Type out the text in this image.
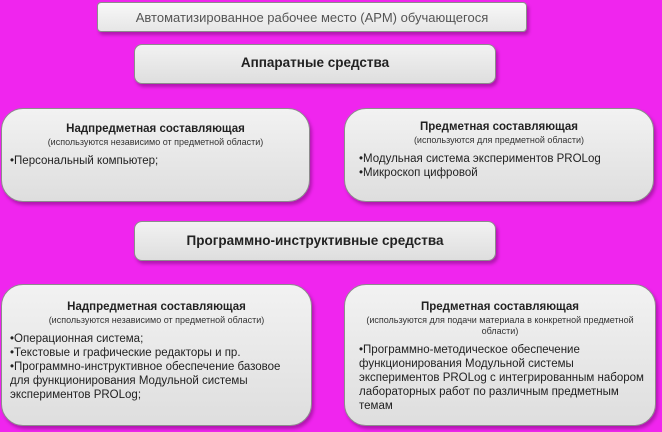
Автоматизированное рабочее место (АРМ) обучающегося
Аппаратные средства
Надпредметная составляющая
(используются независимо от предметной области)
•Персональный компьютер;
Предметная составляющая
(используются для предметной области)
•Модульная система экспериментов PROLog
•Микроскоп цифровой
Программно-инструктивные средства
Надпредметная составляющая
(используются независимо от предметной области)
•Операционная система;
•Текстовые и графические редакторы и пр.
•Программно-инструктивное обеспечение базовое для функционирования Модульной системы экспериментов PROLog;
Предметная составляющая
(используются для подачи материала в конкретной предметной области)
•Программно-методическое обеспечение функционирования Модульной системы экспериментов PROLog с интегрированным набором лабораторных работ по различным предметным темам
